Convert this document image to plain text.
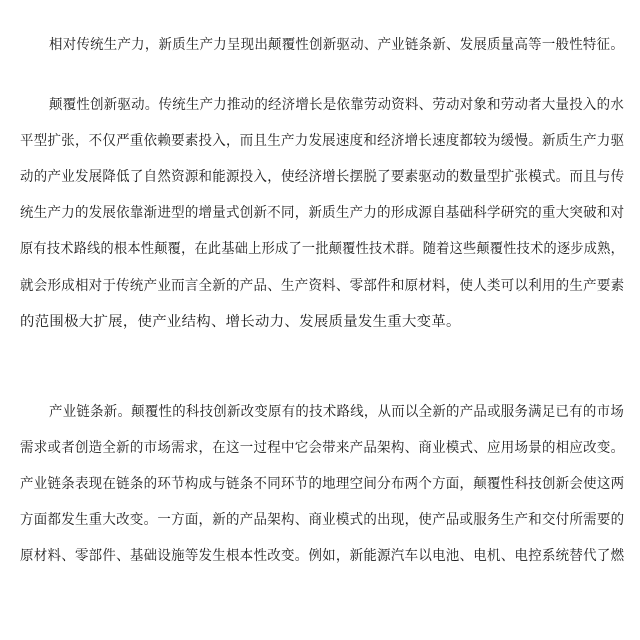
相对传统生产力，新质生产力呈现出颠覆性创新驱动、产业链条新、发展质量高等一般性特征。
颠覆性创新驱动。传统生产力推动的经济增长是依靠劳动资料、劳动对象和劳动者大量投入的水
平型扩张，不仅严重依赖要素投入，而且生产力发展速度和经济增长速度都较为缓慢。新质生产力驱
动的产业发展降低了自然资源和能源投入，使经济增长摆脱了要素驱动的数量型扩张模式。而且与传
统生产力的发展依靠渐进型的增量式创新不同，新质生产力的形成源自基础科学研究的重大突破和对
原有技术路线的根本性颠覆，在此基础上形成了一批颠覆性技术群。随着这些颠覆性技术的逐步成熟，
就会形成相对于传统产业而言全新的产品、生产资料、零部件和原材料，使人类可以利用的生产要素
的范围极大扩展，使产业结构、增长动力、发展质量发生重大变革。
产业链条新。颠覆性的科技创新改变原有的技术路线，从而以全新的产品或服务满足已有的市场
需求或者创造全新的市场需求，在这一过程中它会带来产品架构、商业模式、应用场景的相应改变。
产业链条表现在链条的环节构成与链条不同环节的地理空间分布两个方面，颠覆性科技创新会使这两
方面都发生重大改变。一方面，新的产品架构、商业模式的出现，使产品或服务生产和交付所需要的
原材料、零部件、基础设施等发生根本性改变。例如，新能源汽车以电池、电机、电控系统替代了燃
